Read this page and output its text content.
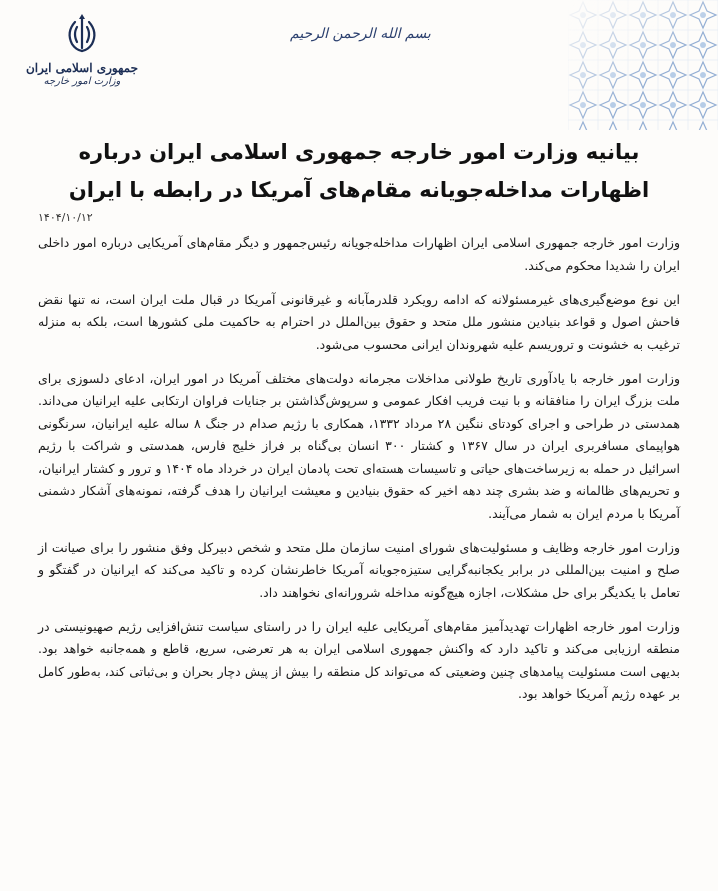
جمهوری اسلامی ایران
وزارت امور خارجه
بسم الله الرحمن الرحیم
بیانیه وزارت امور خارجه جمهوری اسلامی ایران درباره اظهارات مداخله‌جویانه مقام‌های آمریکا در رابطه با ایران
۱۴۰۴/۱۰/۱۲

وزارت امور خارجه جمهوری اسلامی ایران اظهارات مداخله‌جویانه رئیس‌جمهور و دیگر مقام‌های آمریکایی درباره امور داخلی ایران را شدیدا محکوم می‌کند.

این نوع موضع‌گیری‌های غیرمسئولانه که ادامه رویکرد قلدرمآبانه و غیرقانونی آمریکا در قبال ملت ایران است، نه تنها نقض فاحش اصول و قواعد بنیادین منشور ملل متحد و حقوق بین‌الملل در احترام به حاکمیت ملی کشورها است، بلکه به منزله ترغیب به خشونت و تروریسم علیه شهروندان ایرانی محسوب می‌شود.

وزارت امور خارجه با یادآوری تاریخ طولانی مداخلات مجرمانه دولت‌های مختلف آمریکا در امور ایران، ادعای دلسوزی برای ملت بزرگ ایران را منافقانه و با نیت فریب افکار عمومی و سرپوش‌گذاشتن بر جنایات فراوان ارتکابی علیه ایرانیان می‌داند. همدستی در طراحی و اجرای کودتای ننگین ۲۸ مرداد ۱۳۳۲، همکاری با رژیم صدام در جنگ ۸ ساله علیه ایرانیان، سرنگونی هواپیمای مسافربری ایران در سال ۱۳۶۷ و کشتار ۳۰۰ انسان بی‌گناه بر فراز خلیج فارس، همدستی و شراکت با رژیم اسرائیل در حمله به زیرساخت‌های حیاتی و تاسیسات هسته‌ای تحت پادمان ایران در خرداد ماه ۱۴۰۴ و ترور و کشتار ایرانیان، و تحریم‌های ظالمانه و ضد بشری چند دهه اخیر که حقوق بنیادین و معیشت ایرانیان را هدف گرفته، نمونه‌های آشکار دشمنی آمریکا با مردم ایران به شمار می‌آیند.

وزارت امور خارجه وظایف و مسئولیت‌های شورای امنیت سازمان ملل متحد و شخص دبیرکل وفق منشور را برای صیانت از صلح و امنیت بین‌المللی در برابر یکجانبه‌گرایی ستیزه‌جویانه آمریکا خاطرنشان کرده و تاکید می‌کند که ایرانیان در گفتگو و تعامل با یکدیگر برای حل مشکلات، اجازه هیچ‌گونه مداخله شرورانه‌ای نخواهند داد.

وزارت امور خارجه اظهارات تهدیدآمیز مقام‌های آمریکایی علیه ایران را در راستای سیاست تنش‌افزایی رژیم صهیونیستی در منطقه ارزیابی می‌کند و تاکید دارد که واکنش جمهوری اسلامی ایران به هر تعرضی، سریع، قاطع و همه‌جانبه خواهد بود. بدیهی است مسئولیت پیامدهای چنین وضعیتی که می‌تواند کل منطقه را بیش از پیش دچار بحران و بی‌ثباتی کند، به‌طور کامل بر عهده رژیم آمریکا خواهد بود.
